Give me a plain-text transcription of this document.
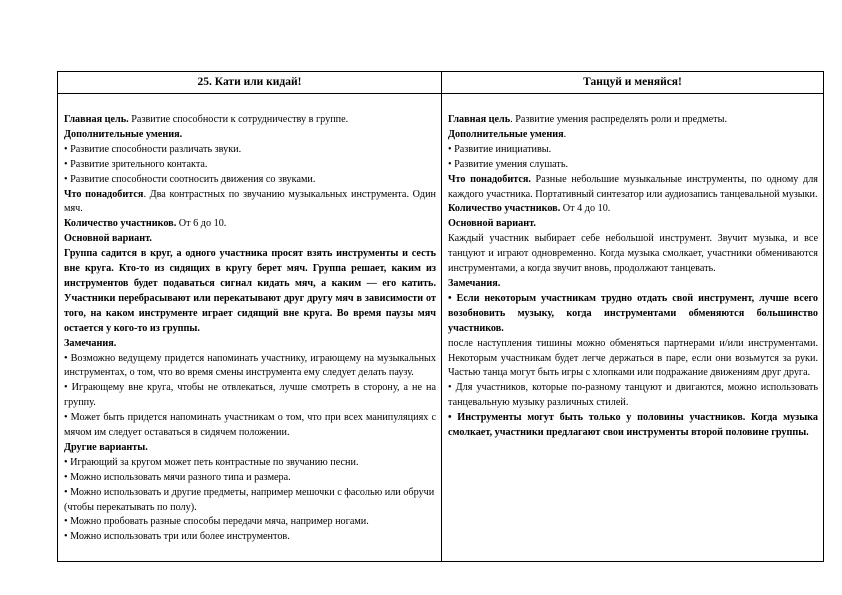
25. Кати или кидай!

Главная цель. Развитие способности к сотрудничеству в группе.

Дополнительные умения.

• Развитие способности различать звуки.

• Развитие зрительного контакта.

• Развитие способности соотносить движения со звуками.

Что понадобится. Два контрастных по звучанию музыкальных инструмента. Один мяч.

Количество участников. От 6 до 10.

Основной вариант.

Группа садится в круг, а одного участника просят взять инструменты и сесть вне круга. Кто-то из сидящих в кругу берет мяч. Группа решает, каким из инструментов будет подаваться сигнал кидать мяч, а каким — его катить. Участники перебрасывают или перекатывают друг другу мяч в зависимости от того, на каком инструменте играет сидящий вне круга. Во время паузы мяч остается у кого-то из группы.

Замечания.

• Возможно ведущему придется напоминать участнику, играющему на музыкальных инструментах, о том, что во время смены инструмента ему следует делать паузу.

• Играющему вне круга, чтобы не отвлекаться, лучше смотреть в сторону, а не на группу.

• Может быть придется напоминать участникам о том, что при всех манипуляциях с мячом им следует оставаться в сидячем положении.

Другие варианты.

• Играющий за кругом может петь контрастные по звучанию песни.

• Можно использовать мячи разного типа и размера.

• Можно использовать и другие предметы, например мешочки с фасолью или обручи (чтобы перекатывать по полу).

• Можно пробовать разные способы передачи мяча, например ногами.

• Можно использовать три или более инструментов.

Танцуй и меняйся!

Главная цель. Развитие умения распределять роли и предметы.

Дополнительные умения.

• Развитие инициативы.

• Развитие умения слушать.

Что понадобится. Разные небольшие музыкальные инструменты, по одному для каждого участника. Портативный синтезатор или аудиозапись танцевальной музыки.

Количество участников. От 4 до 10.

Основной вариант.

Каждый участник выбирает себе небольшой инструмент. Звучит музыка, и все танцуют и играют одновременно. Когда музыка смолкает, участники обмениваются инструментами, а когда звучит вновь, продолжают танцевать.

Замечания.

• Если некоторым участникам трудно отдать свой инструмент, лучше всего возобновить музыку, когда инструментами обменяются большинство участников.

после наступления тишины можно обменяться партнерами и/или инструментами. Некоторым участникам будет легче держаться в паре, если они возьмутся за руки. Частью танца могут быть игры с хлопками или подражание движениям друг друга.

• Для участников, которые по-разному танцуют и двигаются, можно использовать танцевальную музыку различных стилей.

• Инструменты могут быть только у половины участников. Когда музыка смолкает, участники предлагают свои инструменты второй половине группы.
